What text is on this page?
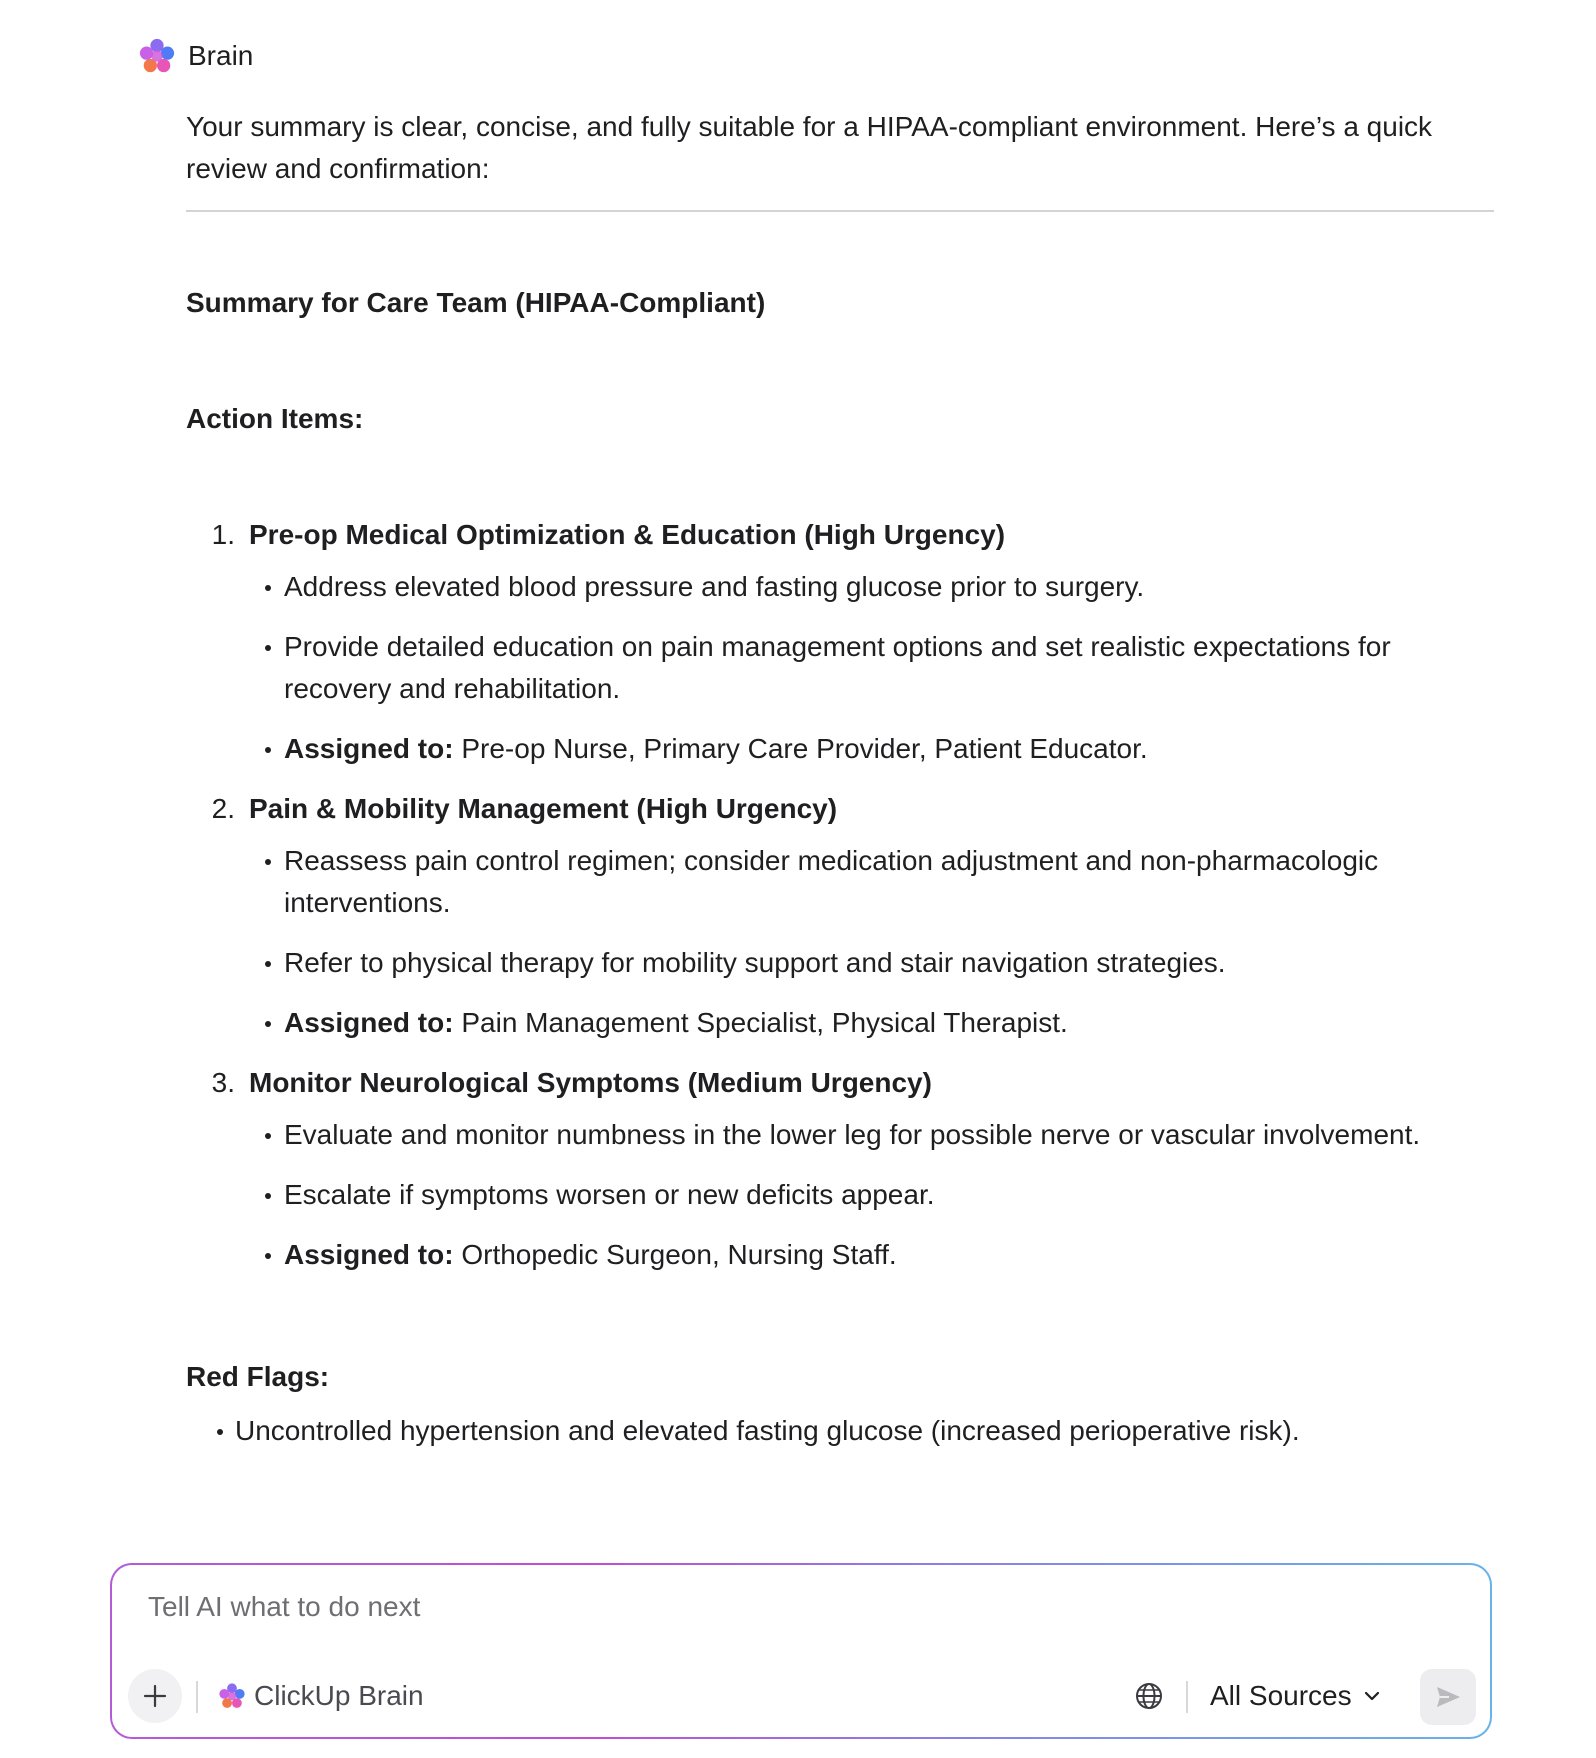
Brain

Your summary is clear, concise, and fully suitable for a HIPAA-compliant environment. Here’s a quick review and confirmation:

Summary for Care Team (HIPAA-Compliant)

Action Items:

1. Pre-op Medical Optimization & Education (High Urgency)
Address elevated blood pressure and fasting glucose prior to surgery.
Provide detailed education on pain management options and set realistic expectations for recovery and rehabilitation.
Assigned to: Pre-op Nurse, Primary Care Provider, Patient Educator.
2. Pain & Mobility Management (High Urgency)
Reassess pain control regimen; consider medication adjustment and non-pharmacologic interventions.
Refer to physical therapy for mobility support and stair navigation strategies.
Assigned to: Pain Management Specialist, Physical Therapist.
3. Monitor Neurological Symptoms (Medium Urgency)
Evaluate and monitor numbness in the lower leg for possible nerve or vascular involvement.
Escalate if symptoms worsen or new deficits appear.
Assigned to: Orthopedic Surgeon, Nursing Staff.

Red Flags:

Uncontrolled hypertension and elevated fasting glucose (increased perioperative risk).
Tell AI what to do next
ClickUp Brain	All Sources
